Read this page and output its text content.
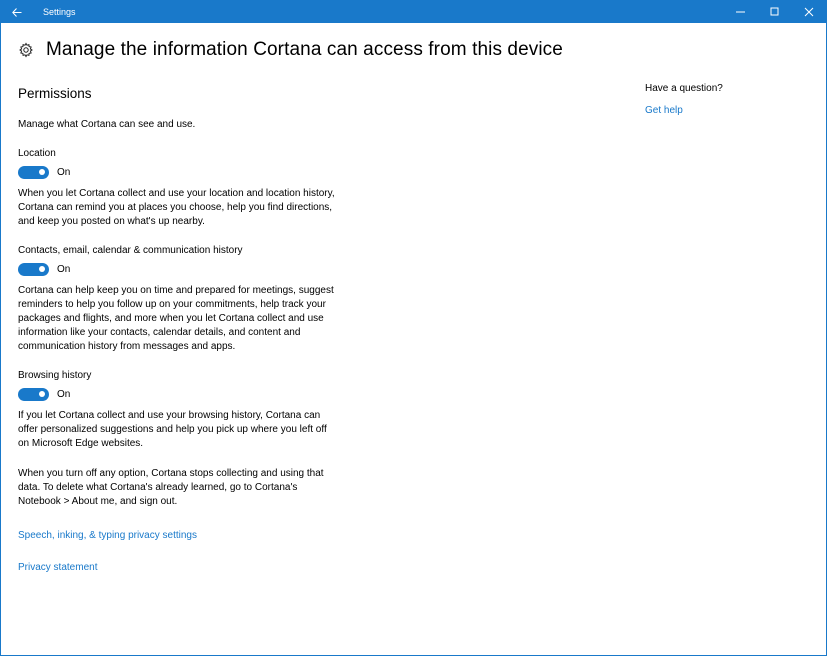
Settings
Manage the information Cortana can access from this device
Permissions

Manage what Cortana can see and use.

Location
On

When you let Cortana collect and use your location and location history, Cortana can remind you at places you choose, help you find directions, and keep you posted on what's up nearby.

Contacts, email, calendar & communication history
On

Cortana can help keep you on time and prepared for meetings, suggest reminders to help you follow up on your commitments, help track your packages and flights, and more when you let Cortana collect and use information like your contacts, calendar details, and content and communication history from messages and apps.

Browsing history
On

If you let Cortana collect and use your browsing history, Cortana can offer personalized suggestions and help you pick up where you left off on Microsoft Edge websites.

When you turn off any option, Cortana stops collecting and using that data. To delete what Cortana's already learned, go to Cortana's Notebook > About me, and sign out.

Speech, inking, & typing privacy settings
Privacy statement
Have a question?
Get help
